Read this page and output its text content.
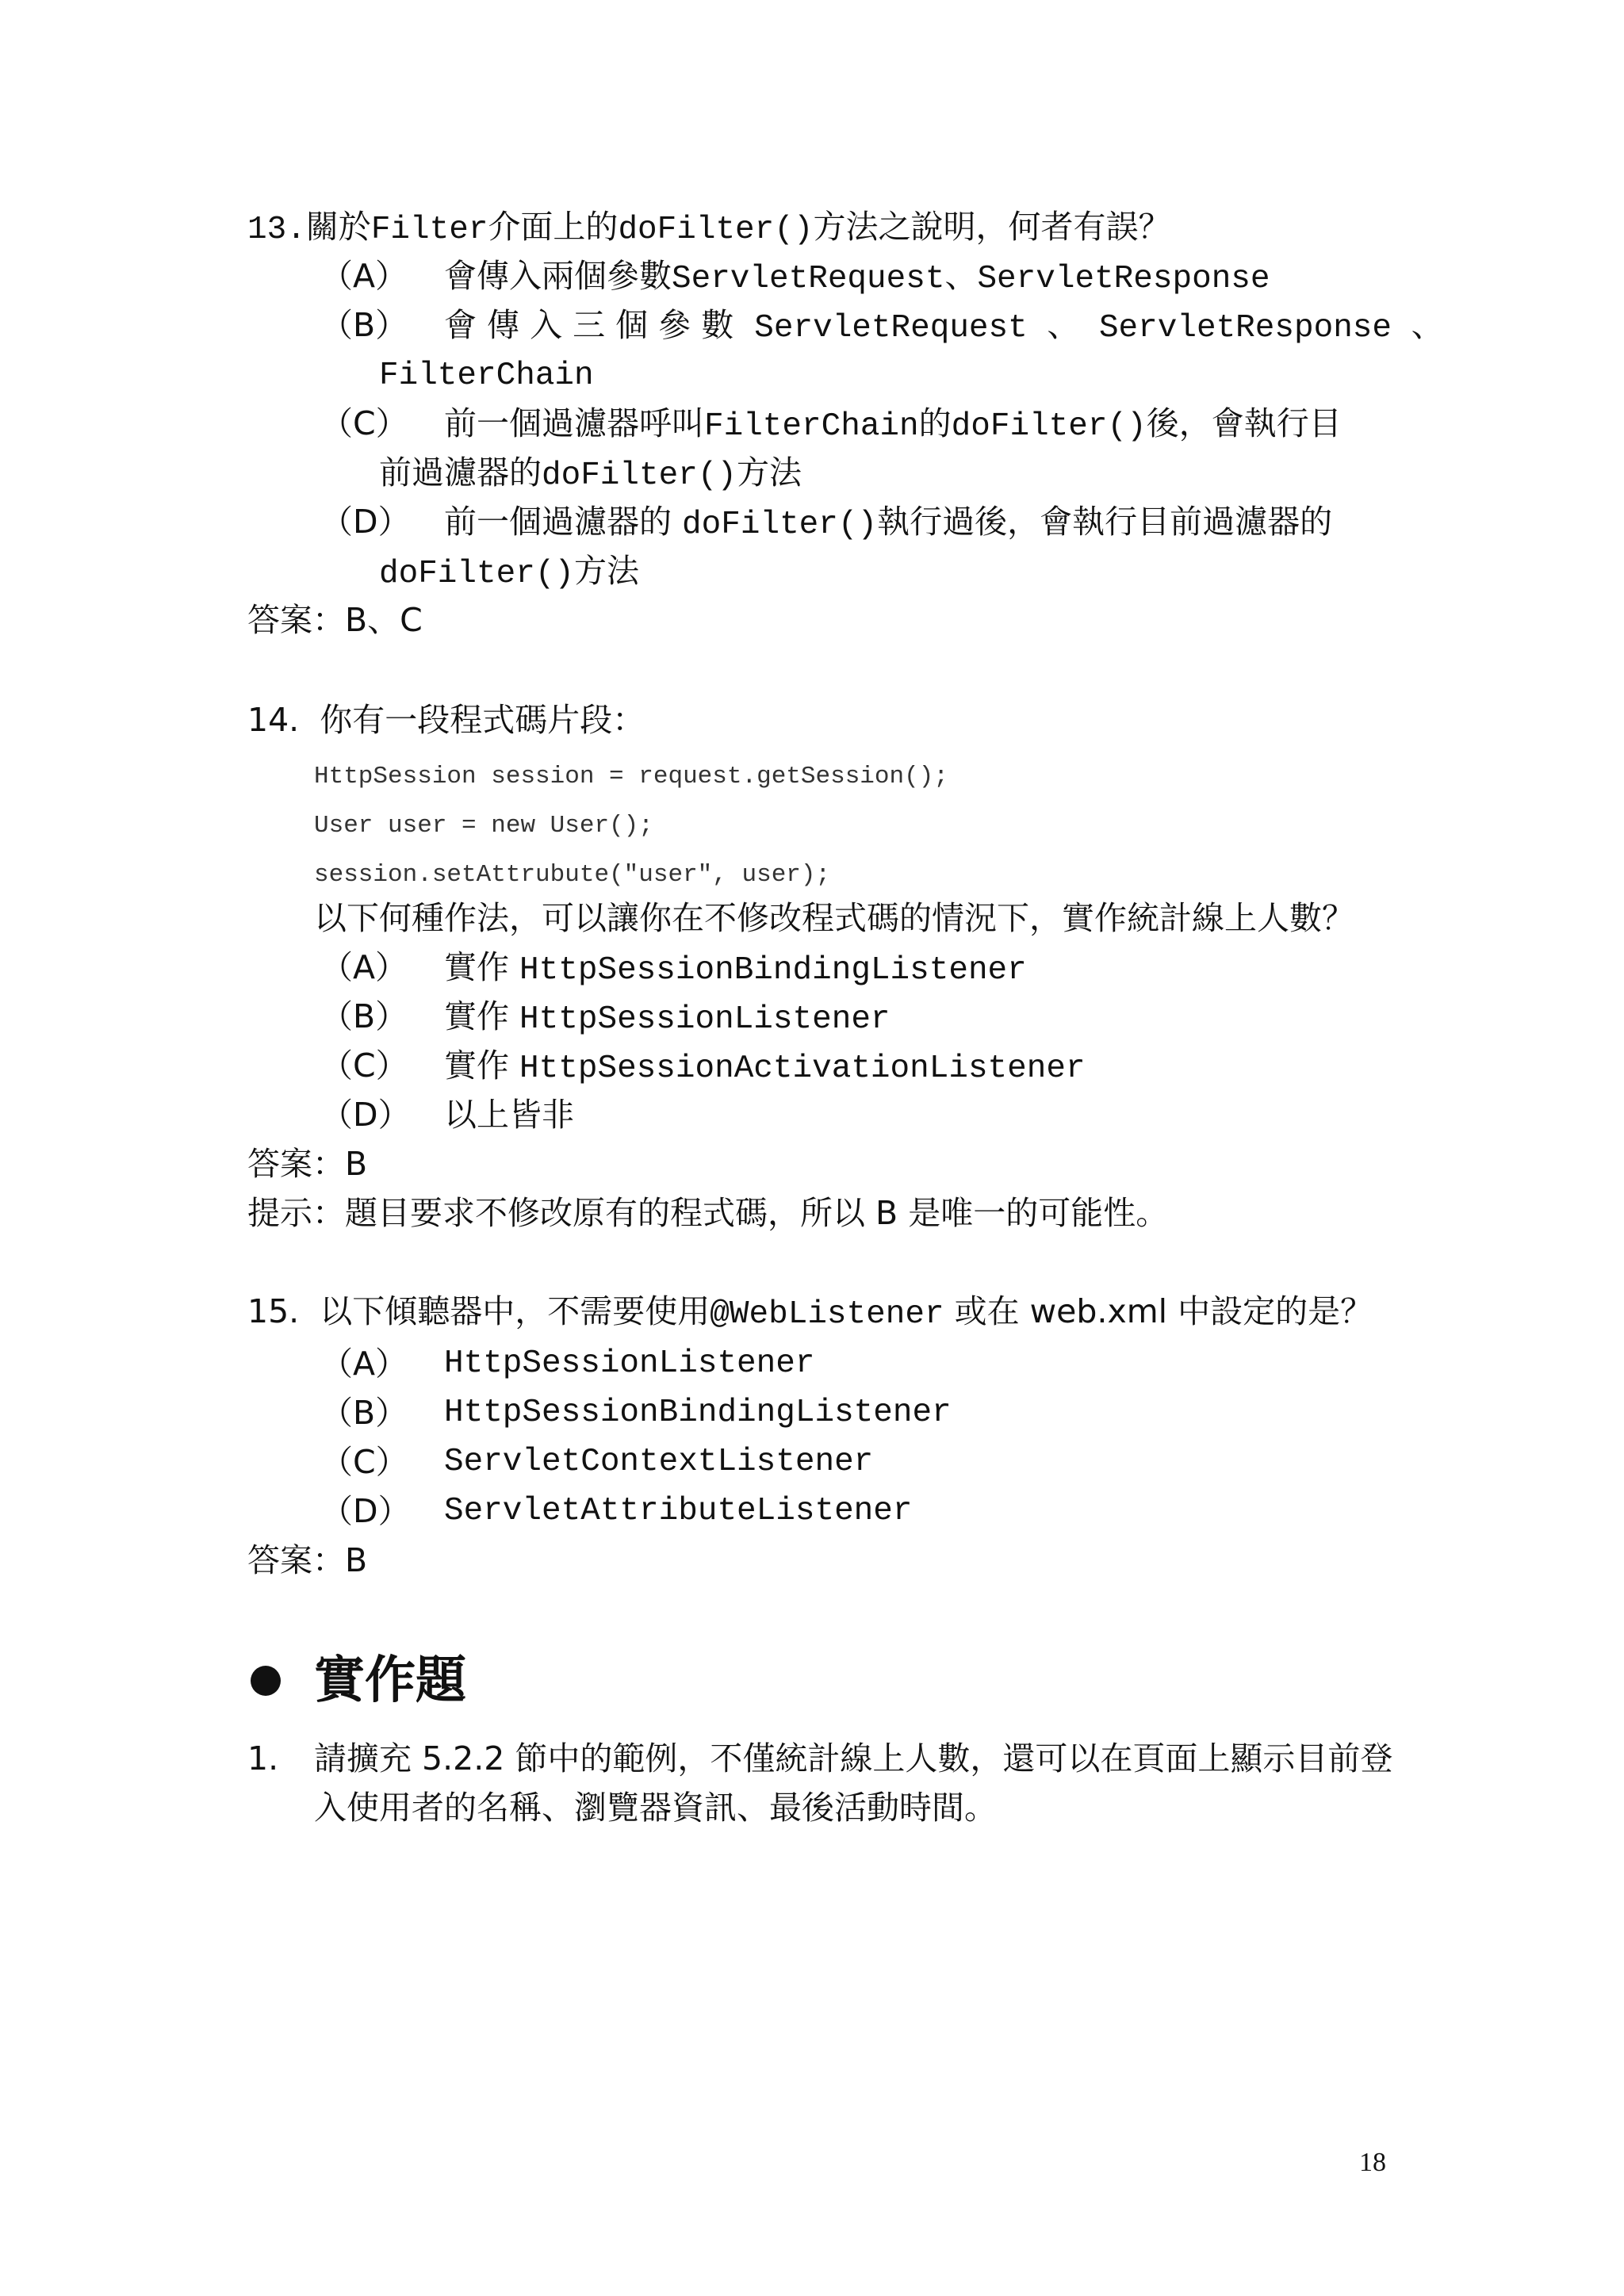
13.關於Filter介面上的doFilter()方法之說明，何者有誤？
（A） 會傳入兩個參數ServletRequest、ServletResponse
（B） 會 傳 入 三 個 參 數 ServletRequest 、 ServletResponse 、
FilterChain
（C） 前一個過濾器呼叫FilterChain的doFilter()後，會執行目
前過濾器的doFilter()方法
（D） 前一個過濾器的 doFilter()執行過後，會執行目前過濾器的
doFilter()方法
答案：B、C
14. 你有一段程式碼片段：
HttpSession session = request.getSession();
User user = new User();
session.setAttrubute("user", user);
以下何種作法，可以讓你在不修改程式碼的情況下，實作統計線上人數？
（A） 實作 HttpSessionBindingListener
（B） 實作 HttpSessionListener
（C） 實作 HttpSessionActivationListener
（D） 以上皆非
答案：B
提示：題目要求不修改原有的程式碼，所以 B 是唯一的可能性。
15. 以下傾聽器中，不需要使用@WebListener 或在 web.xml 中設定的是？
（A） HttpSessionListener
（B） HttpSessionBindingListener
（C） ServletContextListener
（D） ServletAttributeListener
答案：B
實作題
1. 請擴充 5.2.2 節中的範例，不僅統計線上人數，還可以在頁面上顯示目前登
入使用者的名稱、瀏覽器資訊、最後活動時間。
18
